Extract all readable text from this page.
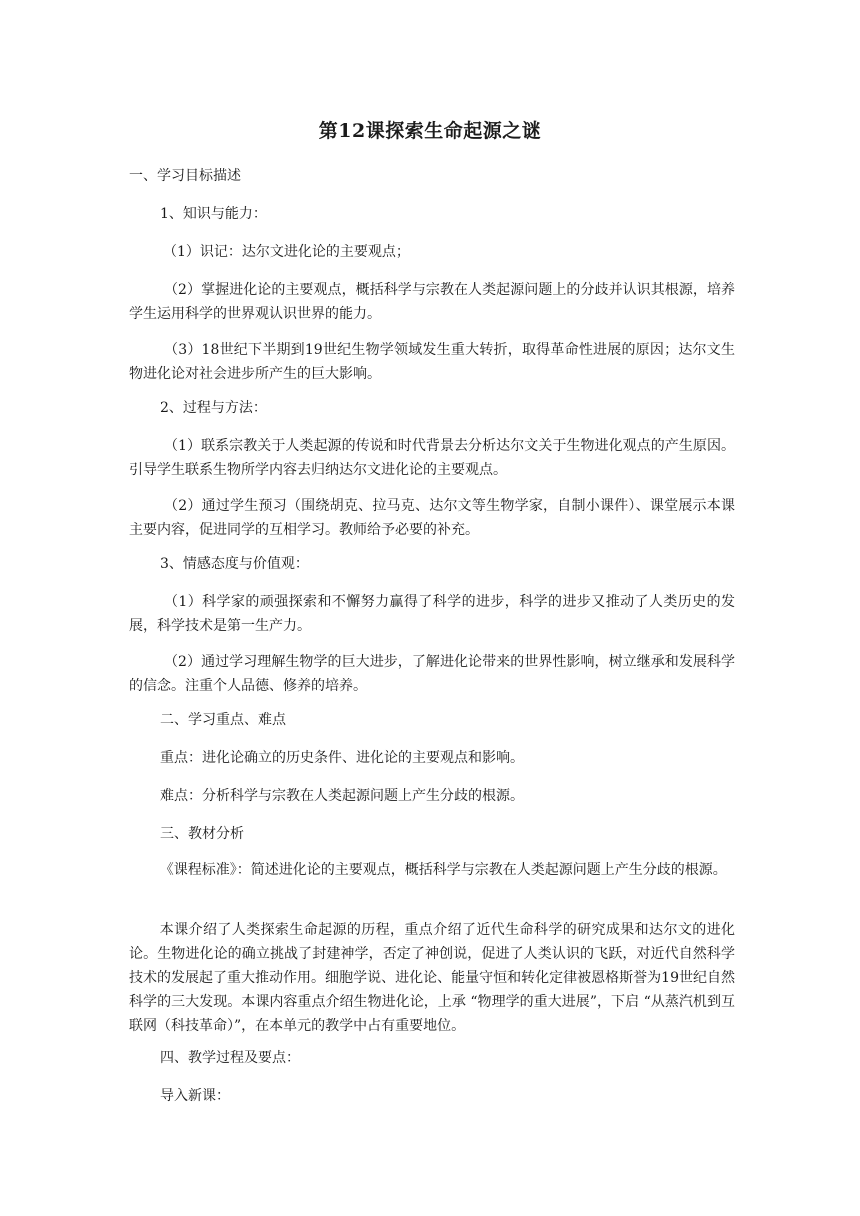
第12课探索生命起源之谜

一、学习目标描述

1、知识与能力：

（1）识记：达尔文进化论的主要观点；

（2）掌握进化论的主要观点，概括科学与宗教在人类起源问题上的分歧并认识其根源，培养学生运用科学的世界观认识世界的能力。

（3）18世纪下半期到19世纪生物学领域发生重大转折，取得革命性进展的原因；达尔文生物进化论对社会进步所产生的巨大影响。

2、过程与方法：

（1）联系宗教关于人类起源的传说和时代背景去分析达尔文关于生物进化观点的产生原因。引导学生联系生物所学内容去归纳达尔文进化论的主要观点。

（2）通过学生预习（围绕胡克、拉马克、达尔文等生物学家，自制小课件）、课堂展示本课主要内容，促进同学的互相学习。教师给予必要的补充。

3、情感态度与价值观：

（1）科学家的顽强探索和不懈努力赢得了科学的进步，科学的进步又推动了人类历史的发展，科学技术是第一生产力。

（2）通过学习理解生物学的巨大进步，了解进化论带来的世界性影响，树立继承和发展科学的信念。注重个人品德、修养的培养。

二、学习重点、难点

重点：进化论确立的历史条件、进化论的主要观点和影响。

难点：分析科学与宗教在人类起源问题上产生分歧的根源。

三、教材分析

《课程标准》：简述进化论的主要观点，概括科学与宗教在人类起源问题上产生分歧的根源。

本课介绍了人类探索生命起源的历程，重点介绍了近代生命科学的研究成果和达尔文的进化论。生物进化论的确立挑战了封建神学，否定了神创说，促进了人类认识的飞跃，对近代自然科学技术的发展起了重大推动作用。细胞学说、进化论、能量守恒和转化定律被恩格斯誉为19世纪自然科学的三大发现。本课内容重点介绍生物进化论，上承 “物理学的重大进展”，下启 “从蒸汽机到互联网（科技革命）”，在本单元的教学中占有重要地位。

四、教学过程及要点：

导入新课：
